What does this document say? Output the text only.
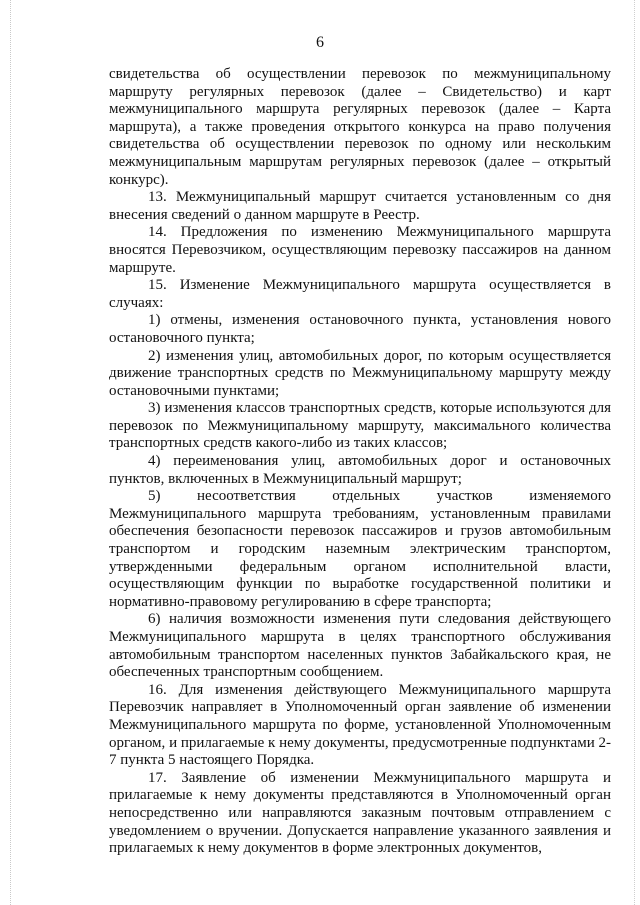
6

свидетельства об осуществлении перевозок по межмуниципальному маршруту регулярных перевозок (далее – Свидетельство) и карт межмуниципального маршрута регулярных перевозок (далее – Карта маршрута), а также проведения открытого конкурса на право получения свидетельства об осуществлении перевозок по одному или нескольким межмуниципальным маршрутам регулярных перевозок (далее – открытый конкурс).

13. Межмуниципальный маршрут считается установленным со дня внесения сведений о данном маршруте в Реестр.

14. Предложения по изменению Межмуниципального маршрута вносятся Перевозчиком, осуществляющим перевозку пассажиров на данном маршруте.

15. Изменение Межмуниципального маршрута осуществляется в случаях:

1) отмены, изменения остановочного пункта, установления нового остановочного пункта;

2) изменения улиц, автомобильных дорог, по которым осуществляется движение транспортных средств по Межмуниципальному маршруту между остановочными пунктами;

3) изменения классов транспортных средств, которые используются для перевозок по Межмуниципальному маршруту, максимального количества транспортных средств какого-либо из таких классов;

4) переименования улиц, автомобильных дорог и остановочных пунктов, включенных в Межмуниципальный маршрут;

5) несоответствия отдельных участков изменяемого Межмуниципального маршрута требованиям, установленным правилами обеспечения безопасности перевозок пассажиров и грузов автомобильным транспортом и городским наземным электрическим транспортом, утвержденными федеральным органом исполнительной власти, осуществляющим функции по выработке государственной политики и нормативно-правовому регулированию в сфере транспорта;

6) наличия возможности изменения пути следования действующего Межмуниципального маршрута в целях транспортного обслуживания автомобильным транспортом населенных пунктов Забайкальского края, не обеспеченных транспортным сообщением.

16. Для изменения действующего Межмуниципального маршрута Перевозчик направляет в Уполномоченный орган заявление об изменении Межмуниципального маршрута по форме, установленной Уполномоченным органом, и прилагаемые к нему документы, предусмотренные подпунктами 2-7 пункта 5 настоящего Порядка.

17. Заявление об изменении Межмуниципального маршрута и прилагаемые к нему документы представляются в Уполномоченный орган непосредственно или направляются заказным почтовым отправлением с уведомлением о вручении. Допускается направление указанного заявления и прилагаемых к нему документов в форме электронных документов,
